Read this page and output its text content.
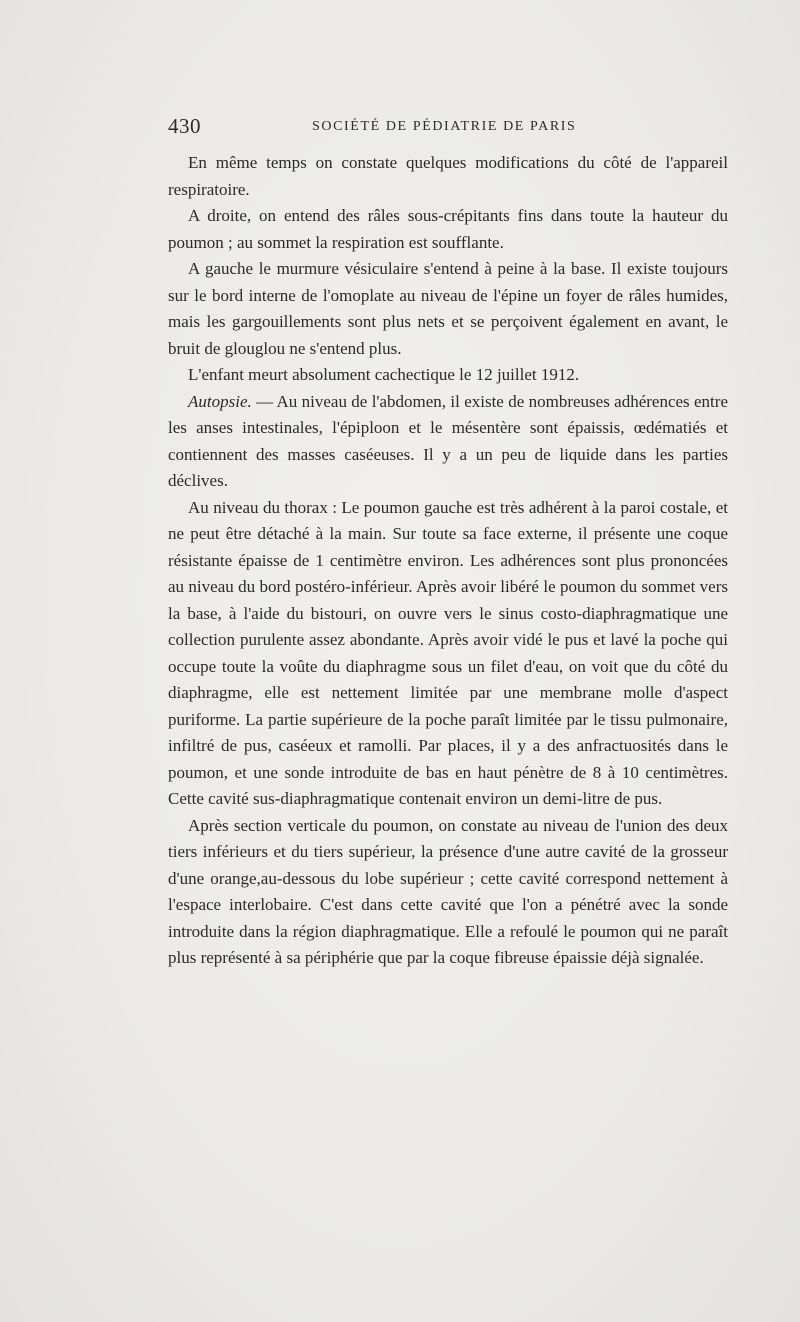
430	SOCIÉTÉ DE PÉDIATRIE DE PARIS

En même temps on constate quelques modifications du côté de l'appareil respiratoire.

A droite, on entend des râles sous-crépitants fins dans toute la hauteur du poumon ; au sommet la respiration est soufflante.

A gauche le murmure vésiculaire s'entend à peine à la base. Il existe toujours sur le bord interne de l'omoplate au niveau de l'épine un foyer de râles humides, mais les gargouillements sont plus nets et se perçoivent également en avant, le bruit de glouglou ne s'entend plus.

L'enfant meurt absolument cachectique le 12 juillet 1912.

Autopsie. — Au niveau de l'abdomen, il existe de nombreuses adhérences entre les anses intestinales, l'épiploon et le mésentère sont épaissis, œdématiés et contiennent des masses caséeuses. Il y a un peu de liquide dans les parties déclives.

Au niveau du thorax : Le poumon gauche est très adhérent à la paroi costale, et ne peut être détaché à la main. Sur toute sa face externe, il présente une coque résistante épaisse de 1 centimètre environ. Les adhérences sont plus prononcées au niveau du bord postéro-inférieur. Après avoir libéré le poumon du sommet vers la base, à l'aide du bistouri, on ouvre vers le sinus costo-diaphragmatique une collection purulente assez abondante. Après avoir vidé le pus et lavé la poche qui occupe toute la voûte du diaphragme sous un filet d'eau, on voit que du côté du diaphragme, elle est nettement limitée par une membrane molle d'aspect puriforme. La partie supérieure de la poche paraît limitée par le tissu pulmonaire, infiltré de pus, caséeux et ramolli. Par places, il y a des anfractuosités dans le poumon, et une sonde introduite de bas en haut pénètre de 8 à 10 centimètres. Cette cavité sus-diaphragmatique contenait environ un demi-litre de pus.

Après section verticale du poumon, on constate au niveau de l'union des deux tiers inférieurs et du tiers supérieur, la présence d'une autre cavité de la grosseur d'une orange,au-dessous du lobe supérieur ; cette cavité correspond nettement à l'espace interlobaire. C'est dans cette cavité que l'on a pénétré avec la sonde introduite dans la région diaphragmatique. Elle a refoulé le poumon qui ne paraît plus représenté à sa périphérie que par la coque fibreuse épaissie déjà signalée.
